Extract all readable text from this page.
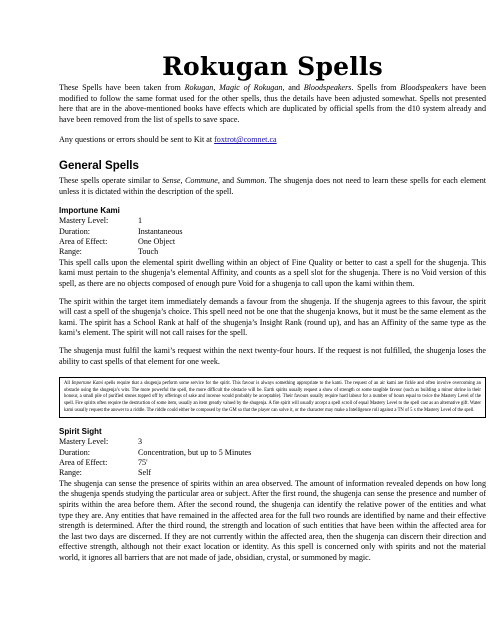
Rokugan Spells

These Spells have been taken from Rokugan, Magic of Rokugan, and Bloodspeakers. Spells from Bloodspeakers have been modified to follow the same format used for the other spells, thus the details have been adjusted somewhat. Spells not presented here that are in the above-mentioned books have effects which are duplicated by official spells from the d10 system already and have been removed from the list of spells to save space.

Any questions or errors should be sent to Kit at foxtrot@comnet.ca

General Spells

These spells operate similar to Sense, Commune, and Summon. The shugenja does not need to learn these spells for each element unless it is dictated within the description of the spell.

Importune Kami
Mastery Level:	1
Duration:	Instantaneous
Area of Effect:	One Object
Range:	Touch

This spell calls upon the elemental spirit dwelling within an object of Fine Quality or better to cast a spell for the shugenja. This kami must pertain to the shugenja’s elemental Affinity, and counts as a spell slot for the shugenja. There is no Void version of this spell, as there are no objects composed of enough pure Void for a shugenja to call upon the kami within them.

The spirit within the target item immediately demands a favour from the shugenja. If the shugenja agrees to this favour, the spirit will cast a spell of the shugenja’s choice. This spell need not be one that the shugenja knows, but it must be the same element as the kami. The spirit has a School Rank at half of the shugenja’s Insight Rank (round up), and has an Affinity of the same type as the kami’s element. The spirit will not call raises for the spell.

The shugenja must fulfil the kami’s request within the next twenty-four hours. If the request is not fulfilled, the shugenja loses the ability to cast spells of that element for one week.

All Importune Kami spells require that a shugenja perform some service for the spirit. This favour is always something appropriate to the kami. The request of an air kami are fickle and often involve overcoming an obstacle using the shugenja’s wits. The more powerful the spell, the more difficult the obstacle will be. Earth spirits usually request a show of strength or some tangible favour (such as building a minor shrine in their honour, a small pile of purified stones topped off by offerings of sake and incense would probably be acceptable). Their favours usually require hard labour for a number of hours equal to twice the Mastery Level of the spell. Fire spirits often require the destruction of some item, usually an item greatly valued by the shugenja. A fire spirit will usually accept a spell scroll of equal Mastery Level to the spell cast as an alternative gift. Water kami usually request the answer to a riddle. The riddle could either be composed by the GM so that the player can solve it, or the character may make a Intelligence roll against a TN of 5 x the Mastery Level of the spell.
Spirit Sight
Mastery Level:	3
Duration:	Concentration, but up to 5 Minutes
Area of Effect:	75'
Range:	Self

The shugenja can sense the presence of spirits within an area observed. The amount of information revealed depends on how long the shugenja spends studying the particular area or subject. After the first round, the shugenja can sense the presence and number of spirits within the area before them. After the second round, the shugenja can identify the relative power of the entities and what type they are. Any entities that have remained in the affected area for the full two rounds are identified by name and their effective strength is determined. After the third round, the strength and location of such entities that have been within the affected area for the last two days are discerned. If they are not currently within the affected area, then the shugenja can discern their direction and effective strength, although not their exact location or identity. As this spell is concerned only with spirits and not the material world, it ignores all barriers that are not made of jade, obsidian, crystal, or summoned by magic.
